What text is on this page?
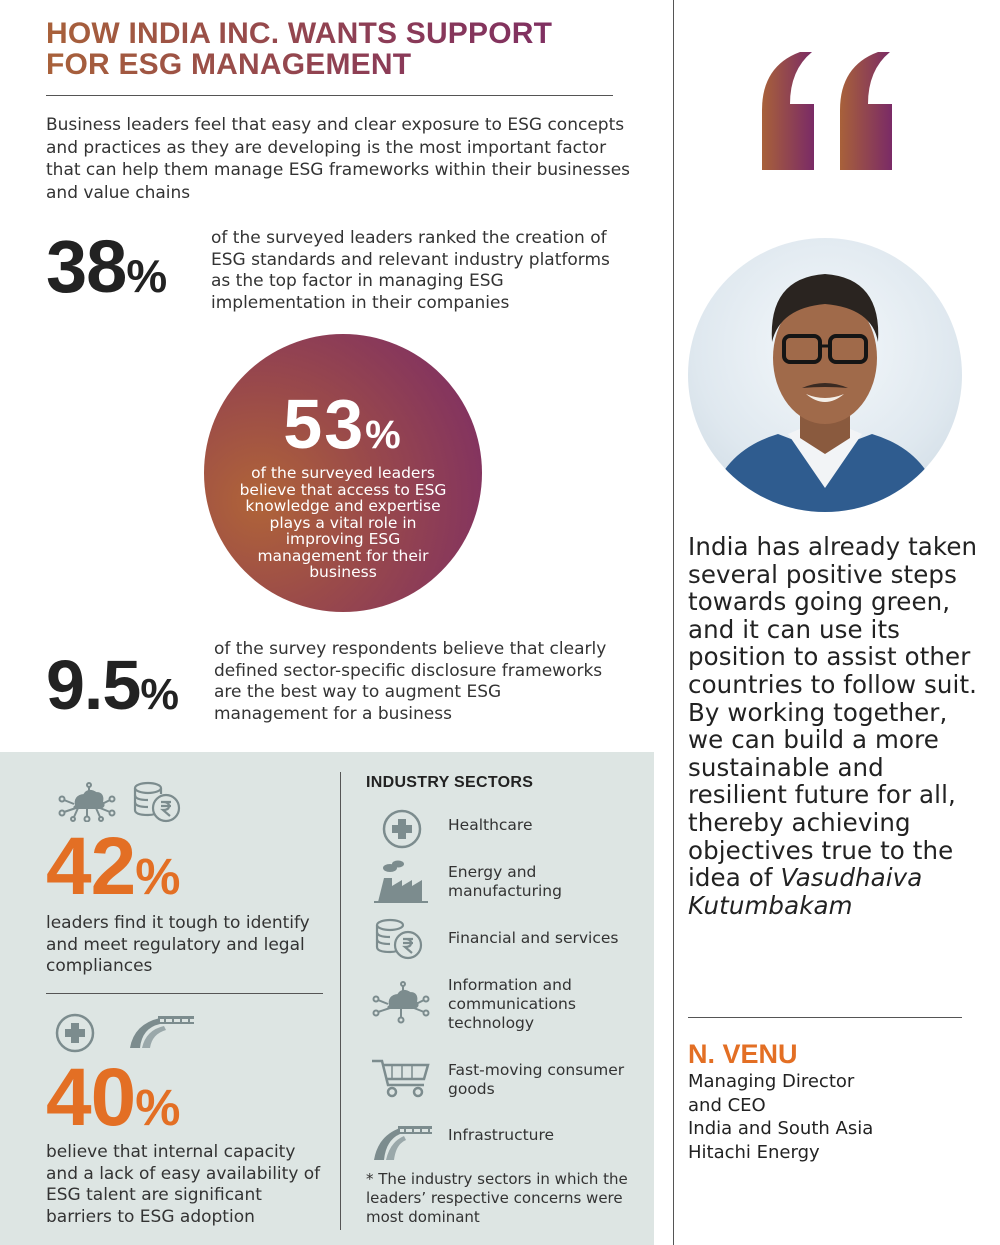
HOW INDIA INC. WANTS SUPPORT
FOR ESG MANAGEMENT
Business leaders feel that easy and clear exposure to ESG concepts and practices as they are developing is the most important factor that can help them manage ESG frameworks within their businesses and value chains
38%
of the surveyed leaders ranked the creation of ESG standards and relevant industry platforms as the top factor in managing ESG implementation in their companies
53%
of the surveyed leaders believe that access to ESG knowledge and expertise plays a vital role in improving ESG management for their business
9.5%
of the survey respondents believe that clearly defined sector-specific disclosure frameworks are the best way to augment ESG management for a business
42%
leaders find it tough to identify and meet regulatory and legal compliances
40%
believe that internal capacity and a lack of easy availability of ESG talent are significant barriers to ESG adoption
INDUSTRY SECTORS
Healthcare
Energy and manufacturing
Financial and services
Information and communications technology
Fast-moving consumer goods
Infrastructure
* The industry sectors in which the leaders’ respective concerns were most dominant
India has already taken several positive steps towards going green, and it can use its position to assist other countries to follow suit. By working together, we can build a more sustainable and resilient future for all, thereby achieving objectives true to the idea of Vasudhaiva Kutumbakam
N. VENU
Managing Director
and CEO
India and South Asia
Hitachi Energy
